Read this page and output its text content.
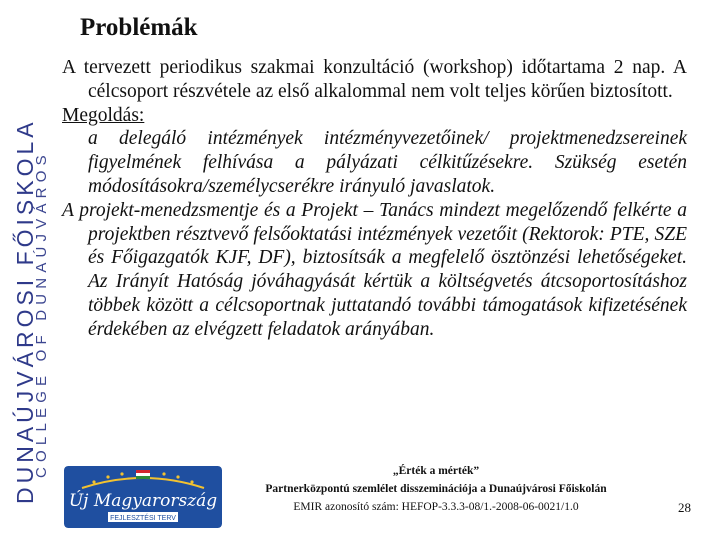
DUNAÚJVÁROSI FŐISKOLA
COLLEGE OF DUNAÚJVÁROS
Problémák

A tervezett periodikus szakmai konzultáció (workshop) időtartama 2 nap. A célcsoport részvétele az első alkalommal nem volt teljes körűen biztosított.

Megoldás:

a delegáló intézmények intézményvezetőinek/ projektmenedzsereinek figyelmének felhívása a pályázati célkitűzésekre. Szükség esetén módosításokra/személycserékre irányuló javaslatok.

A projekt-menedzsmentje és a Projekt – Tanács mindezt megelőzendő felkérte a projektben résztvevő felsőoktatási intézmények vezetőit (Rektorok: PTE, SZE és Főigazgatók KJF, DF), biztosítsák a megfelelő ösztönzési lehetőségeket. Az Irányít Hatóság jóváhagyását kértük a költségvetés átcsoportosításhoz többek között a célcsoportnak juttatandó további támogatások kifizetésének érdekében az elvégzett feladatok arányában.

Új Magyarország
FEJLESZTÉSI TERV
„Érték a mérték”
Partnerközpontú szemlélet disszeminációja a Dunaújvárosi Főiskolán
EMIR azonosító szám: HEFOP-3.3.3-08/1.-2008-06-0021/1.0	28
